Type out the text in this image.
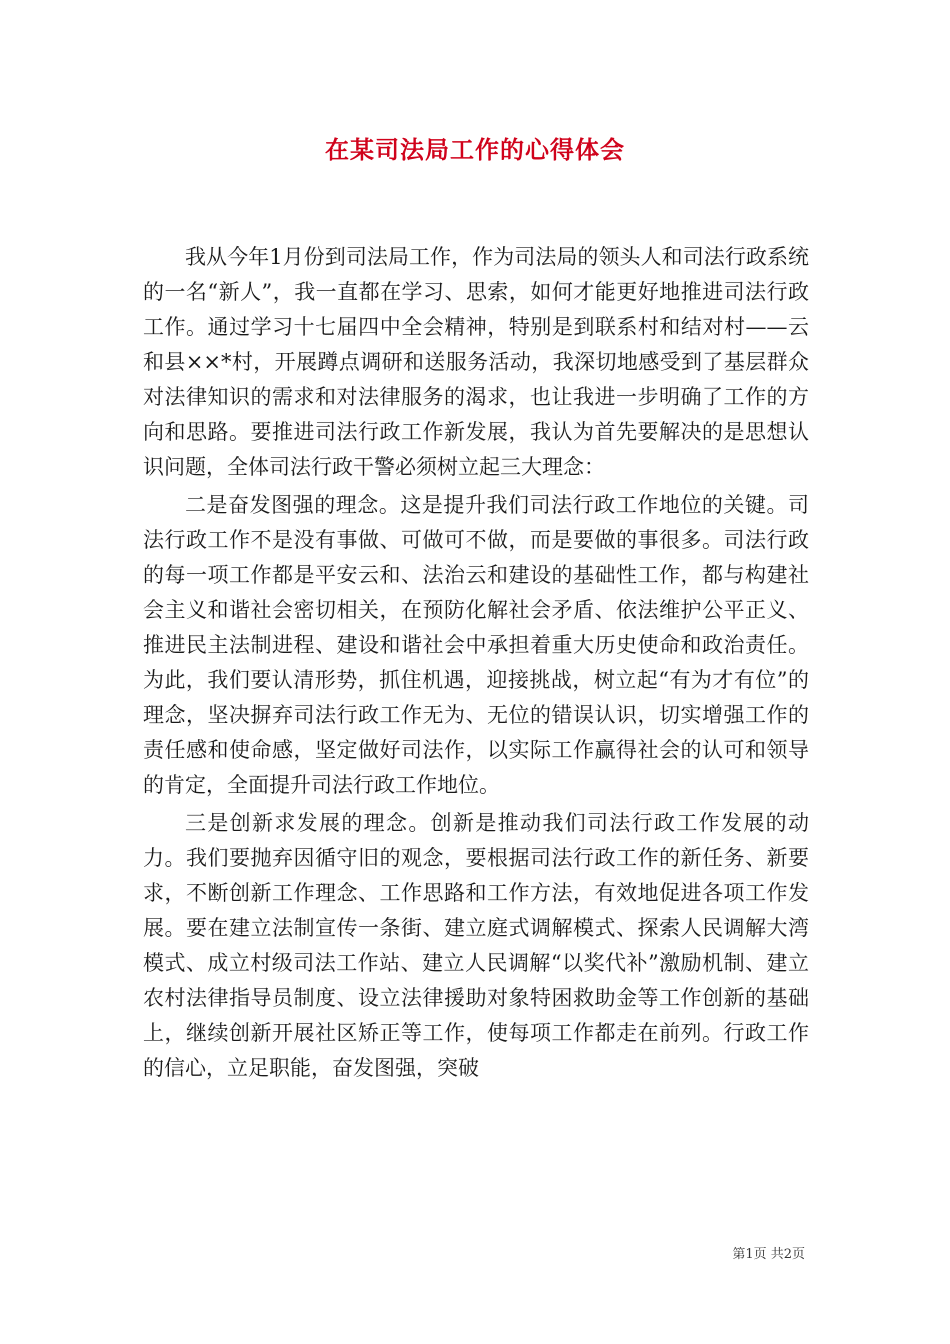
在某司法局工作的心得体会

我从今年1月份到司法局工作，作为司法局的领头人和司法行政系统的一名“新人”，我一直都在学习、思索，如何才能更好地推进司法行政工作。通过学习十七届四中全会精神，特别是到联系村和结对村——云和县××*村，开展蹲点调研和送服务活动，我深切地感受到了基层群众对法律知识的需求和对法律服务的渴求，也让我进一步明确了工作的方向和思路。要推进司法行政工作新发展，我认为首先要解决的是思想认识问题，全体司法行政干警必须树立起三大理念：

二是奋发图强的理念。这是提升我们司法行政工作地位的关键。司法行政工作不是没有事做、可做可不做，而是要做的事很多。司法行政的每一项工作都是平安云和、法治云和建设的基础性工作，都与构建社会主义和谐社会密切相关，在预防化解社会矛盾、依法维护公平正义、推进民主法制进程、建设和谐社会中承担着重大历史使命和政治责任。为此，我们要认清形势，抓住机遇，迎接挑战，树立起“有为才有位”的理念，坚决摒弃司法行政工作无为、无位的错误认识，切实增强工作的责任感和使命感，坚定做好司法作，以实际工作赢得社会的认可和领导的肯定，全面提升司法行政工作地位。

三是创新求发展的理念。创新是推动我们司法行政工作发展的动力。我们要抛弃因循守旧的观念，要根据司法行政工作的新任务、新要求，不断创新工作理念、工作思路和工作方法，有效地促进各项工作发展。要在建立法制宣传一条街、建立庭式调解模式、探索人民调解大湾模式、成立村级司法工作站、建立人民调解“以奖代补”激励机制、建立农村法律指导员制度、设立法律援助对象特困救助金等工作创新的基础上，继续创新开展社区矫正等工作，使每项工作都走在前列。行政工作的信心，立足职能，奋发图强，突破

第1页 共2页
